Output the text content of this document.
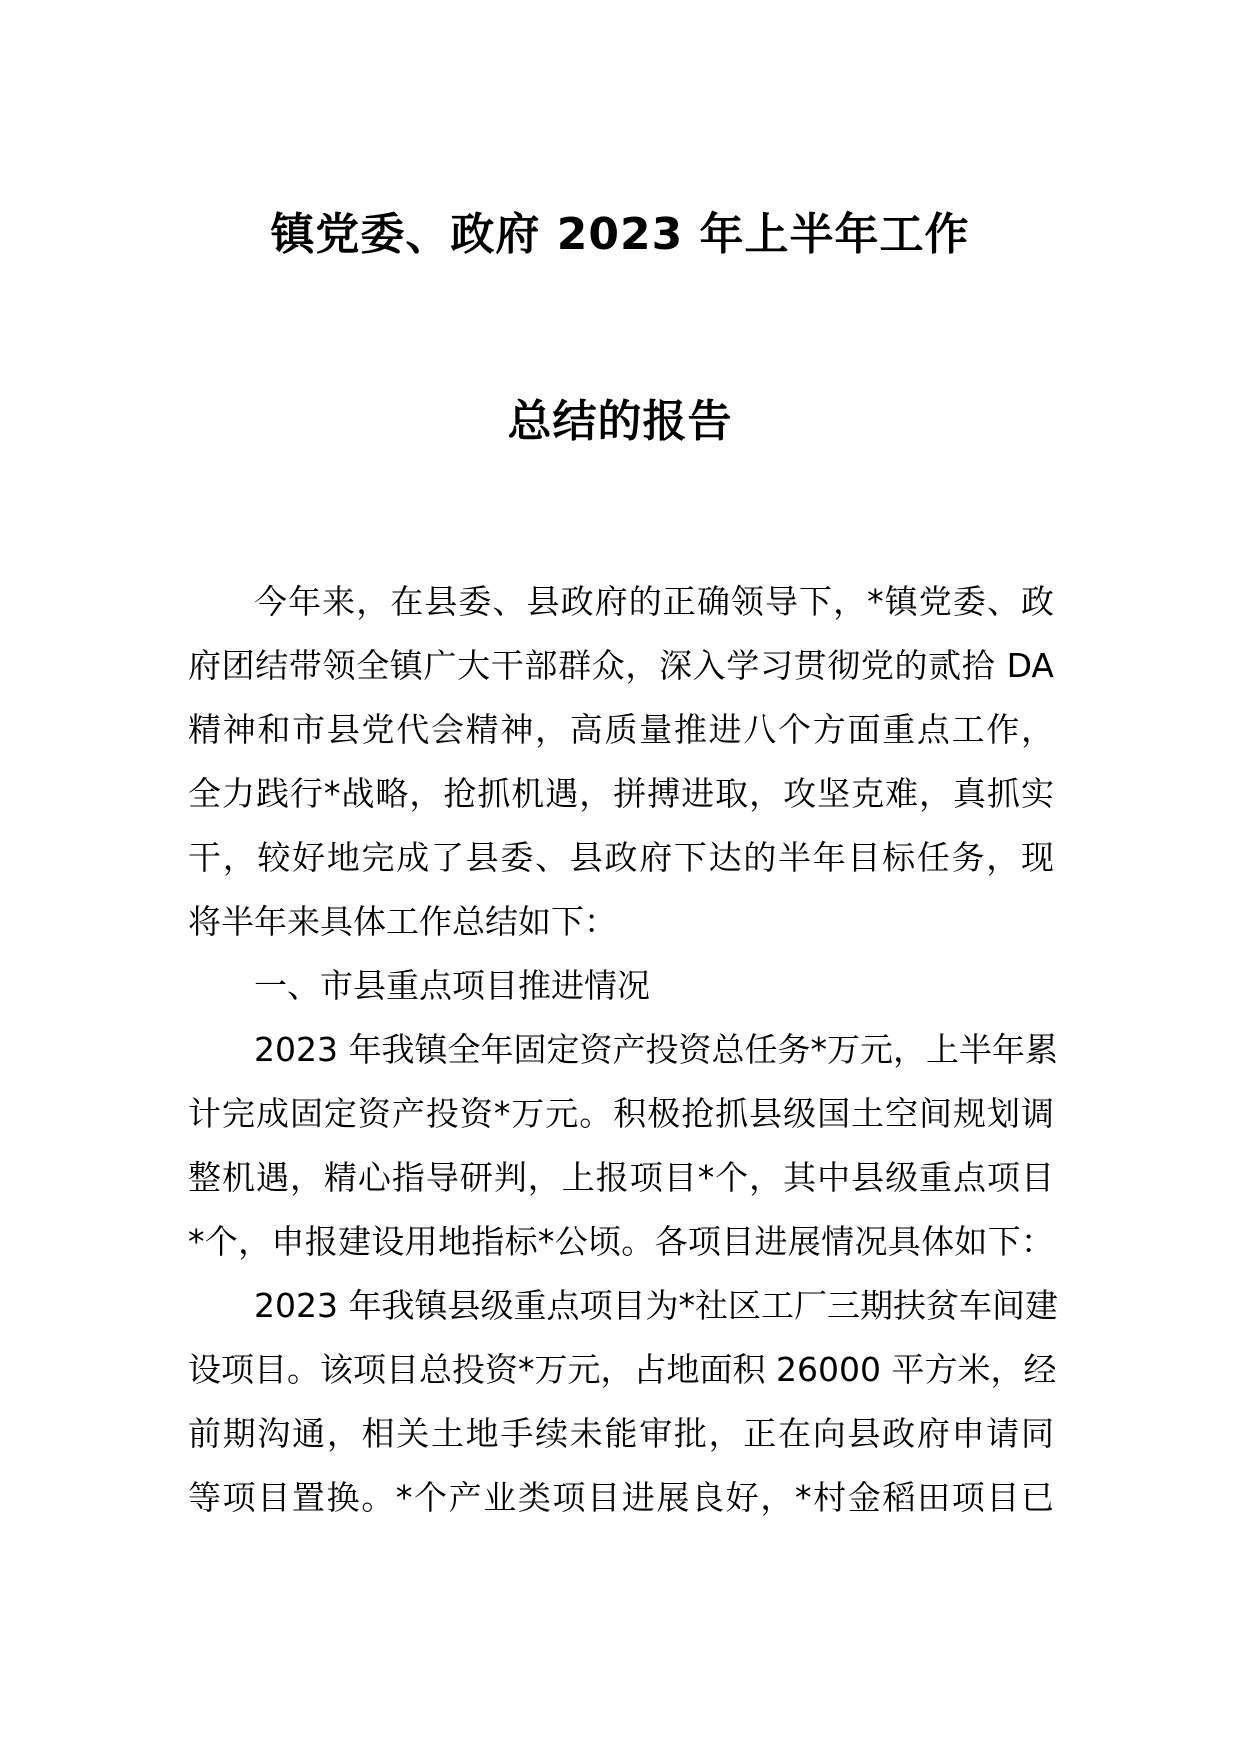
镇党委、政府 2023 年上半年工作
总结的报告
今年来，在县委、县政府的正确领导下，*镇党委、政
府团结带领全镇广大干部群众，深入学习贯彻党的贰拾 DA
精神和市县党代会精神，高质量推进八个方面重点工作，
全力践行*战略，抢抓机遇，拼搏进取，攻坚克难，真抓实
干，较好地完成了县委、县政府下达的半年目标任务，现
将半年来具体工作总结如下：
一、市县重点项目推进情况
2023 年我镇全年固定资产投资总任务*万元，上半年累
计完成固定资产投资*万元。积极抢抓县级国土空间规划调
整机遇，精心指导研判，上报项目*个，其中县级重点项目
*个，申报建设用地指标*公顷。各项目进展情况具体如下：
2023 年我镇县级重点项目为*社区工厂三期扶贫车间建
设项目。该项目总投资*万元，占地面积 26000 平方米，经
前期沟通，相关土地手续未能审批，正在向县政府申请同
等项目置换。*个产业类项目进展良好，*村金稻田项目已
